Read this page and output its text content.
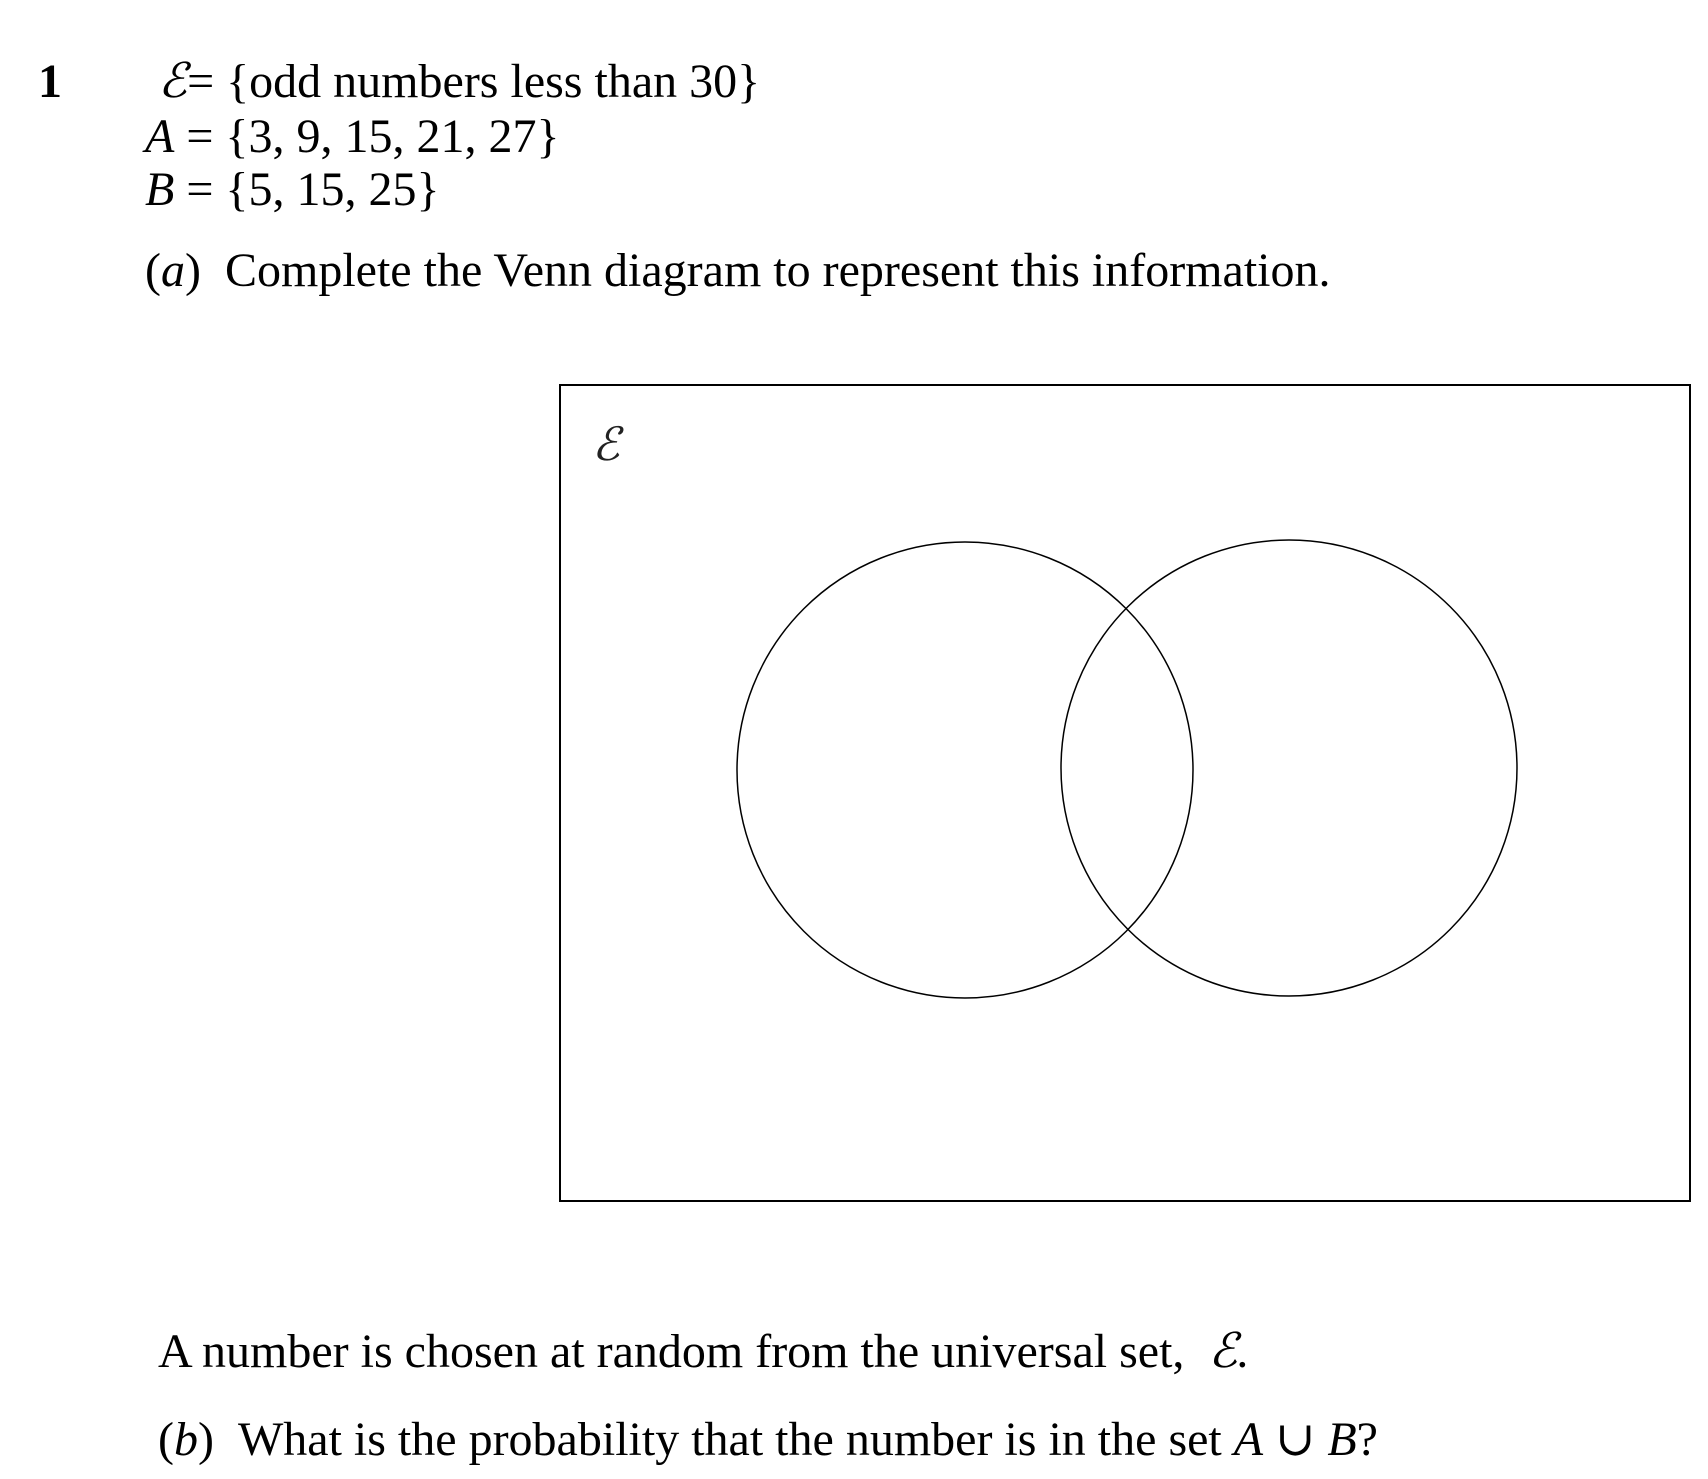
1 ℰ= {odd numbers less than 30}
A = {3, 9, 15, 21, 27}
B = {5, 15, 25}
(a)  Complete the Venn diagram to represent this information.
ℰ
A number is chosen at random from the universal set, ℰ.
(b)  What is the probability that the number is in the set A ∪ B?
